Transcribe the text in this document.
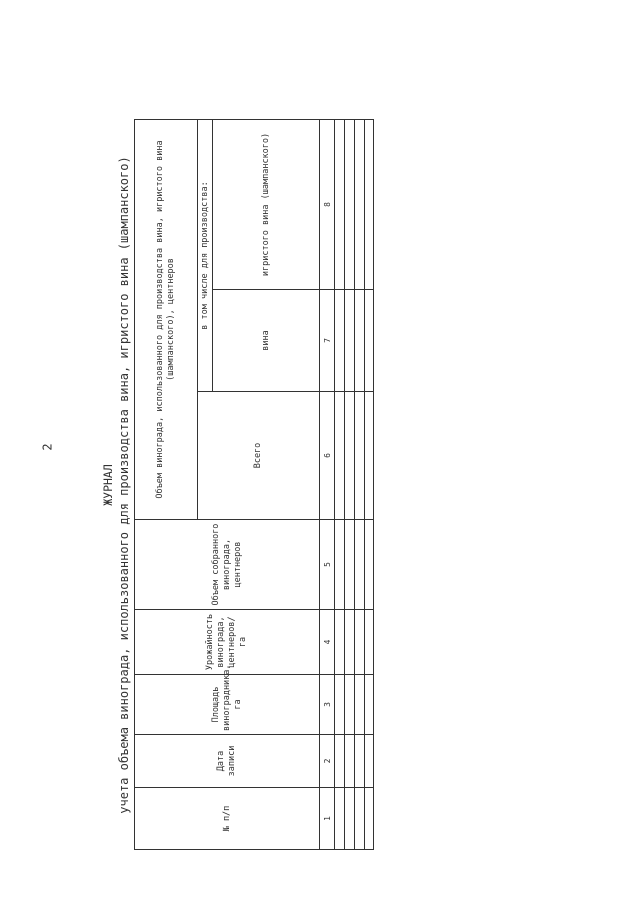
2
ЖУРНАЛ учета объема винограда, использованного для производства вина, игристого вина (шампанского)
№ п/п	Дата записи	Площадь виноградника, га	Урожайность винограда, центнеров/га	Объем собранного винограда, центнеров	Объем винограда, использованного для производства вина, игристого вина (шампанского), центнеров		
					Всего	в том числе для производства:	
						вина	игристого вина (шампанского)
1	2	3	4	5	6	7	8
